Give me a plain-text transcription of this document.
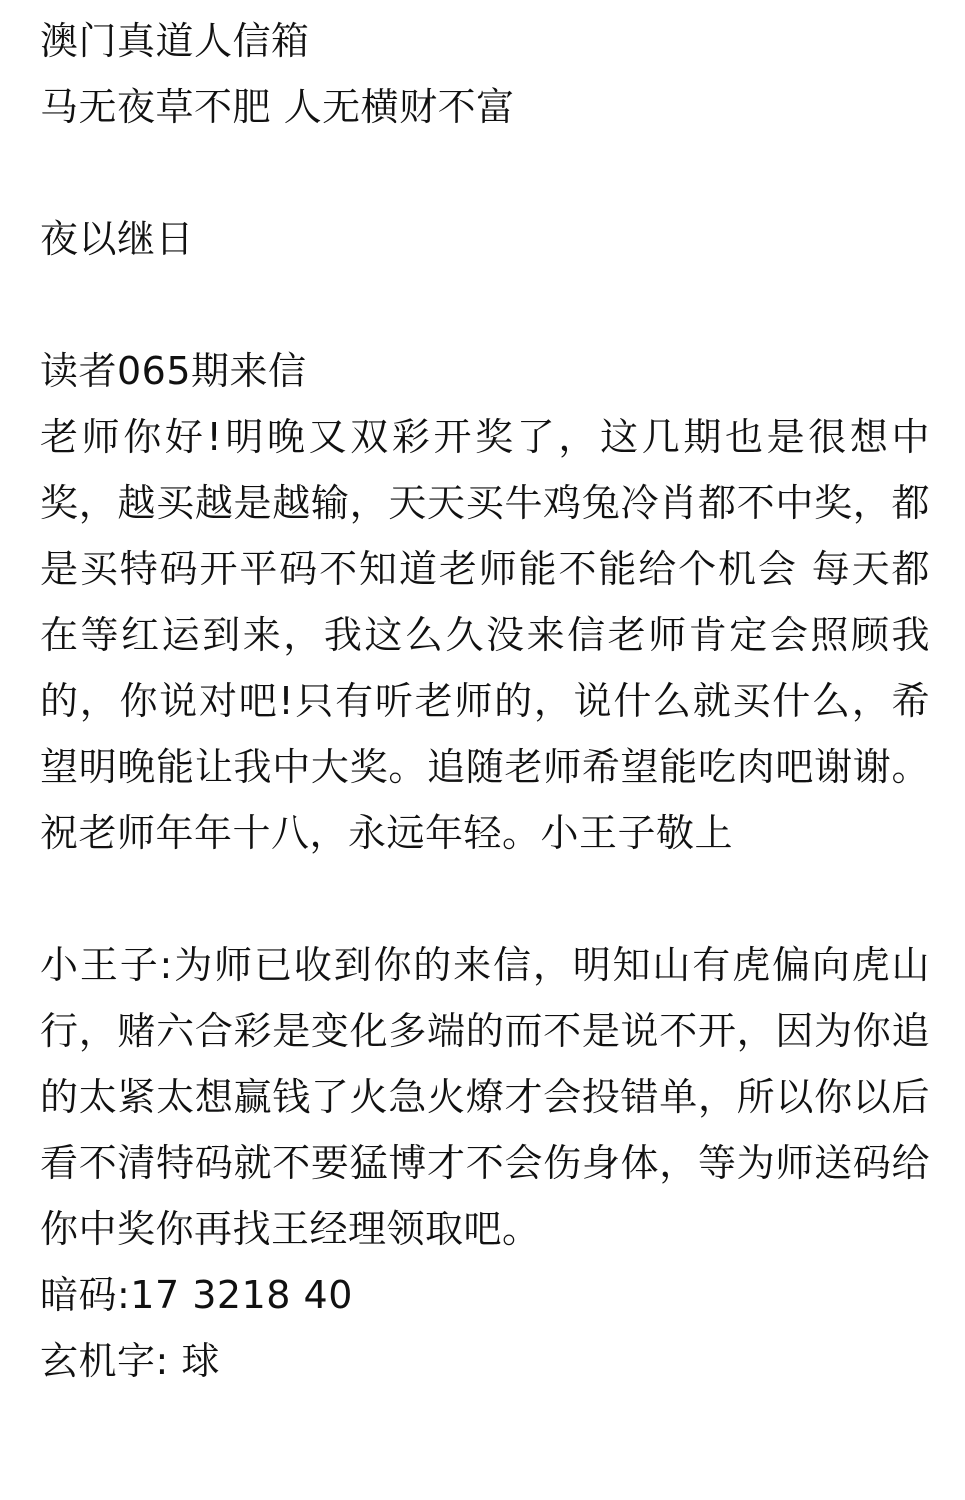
澳门真道人信箱
马无夜草不肥 人无横财不富
夜以继日
读者065期来信
老师你好!明晚又双彩开奖了，这几期也是很想中奖，越买越是越输，天天买牛鸡兔冷肖都不中奖，都是买特码开平码不知道老师能不能给个机会 每天都在等红运到来，我这么久没来信老师肯定会照顾我的，你说对吧!只有听老师的，说什么就买什么，希望明晚能让我中大奖。追随老师希望能吃肉吧谢谢。祝老师年年十八，永远年轻。小王子敬上
小王子:为师已收到你的来信，明知山有虎偏向虎山行，赌六合彩是变化多端的而不是说不开，因为你追的太紧太想赢钱了火急火燎才会投错单，所以你以后看不清特码就不要猛博才不会伤身体，等为师送码给你中奖你再找王经理领取吧。
暗码:17 3218 40
玄机字: 球
